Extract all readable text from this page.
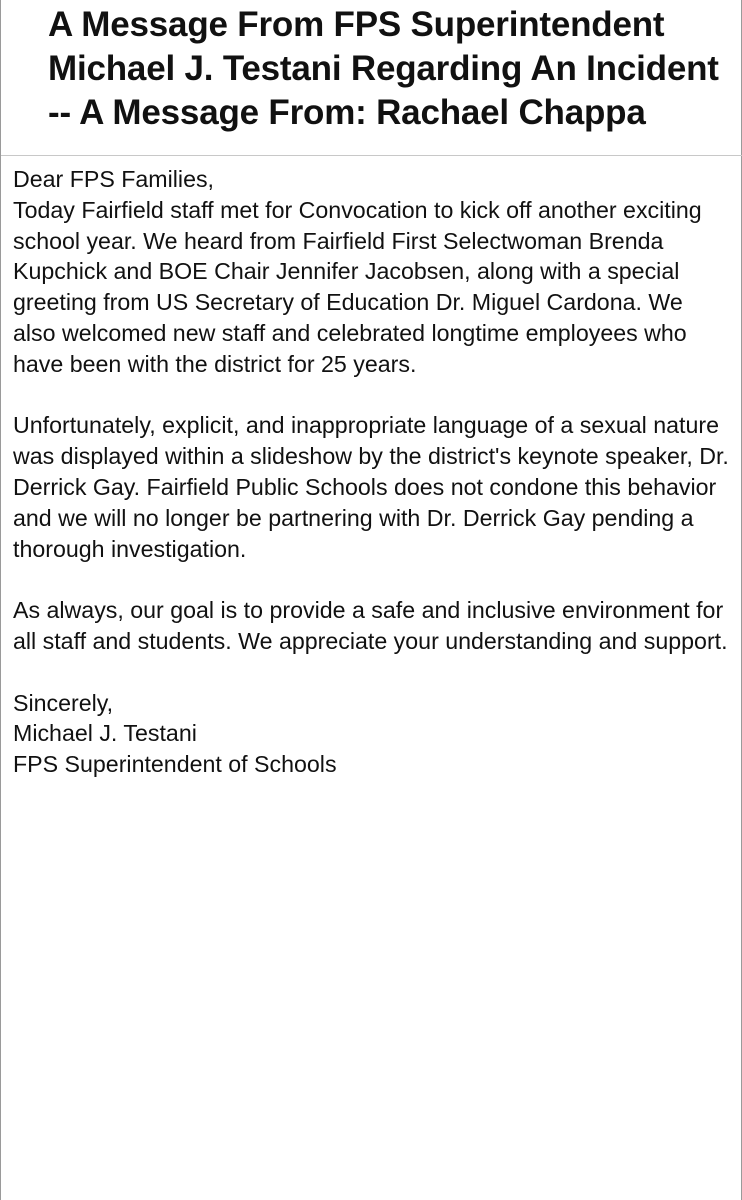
A Message From FPS Superintendent Michael J. Testani Regarding An Incident -- A Message From: Rachael Chappa

Dear FPS Families,

Today Fairfield staff met for Convocation to kick off another exciting school year. We heard from Fairfield First Selectwoman Brenda Kupchick and BOE Chair Jennifer Jacobsen, along with a special greeting from US Secretary of Education Dr. Miguel Cardona. We also welcomed new staff and celebrated longtime employees who have been with the district for 25 years.

Unfortunately, explicit, and inappropriate language of a sexual nature was displayed within a slideshow by the district's keynote speaker, Dr. Derrick Gay. Fairfield Public Schools does not condone this behavior and we will no longer be partnering with Dr. Derrick Gay pending a thorough investigation.

As always, our goal is to provide a safe and inclusive environment for all staff and students. We appreciate your understanding and support.

Sincerely,

Michael J. Testani

FPS Superintendent of Schools
